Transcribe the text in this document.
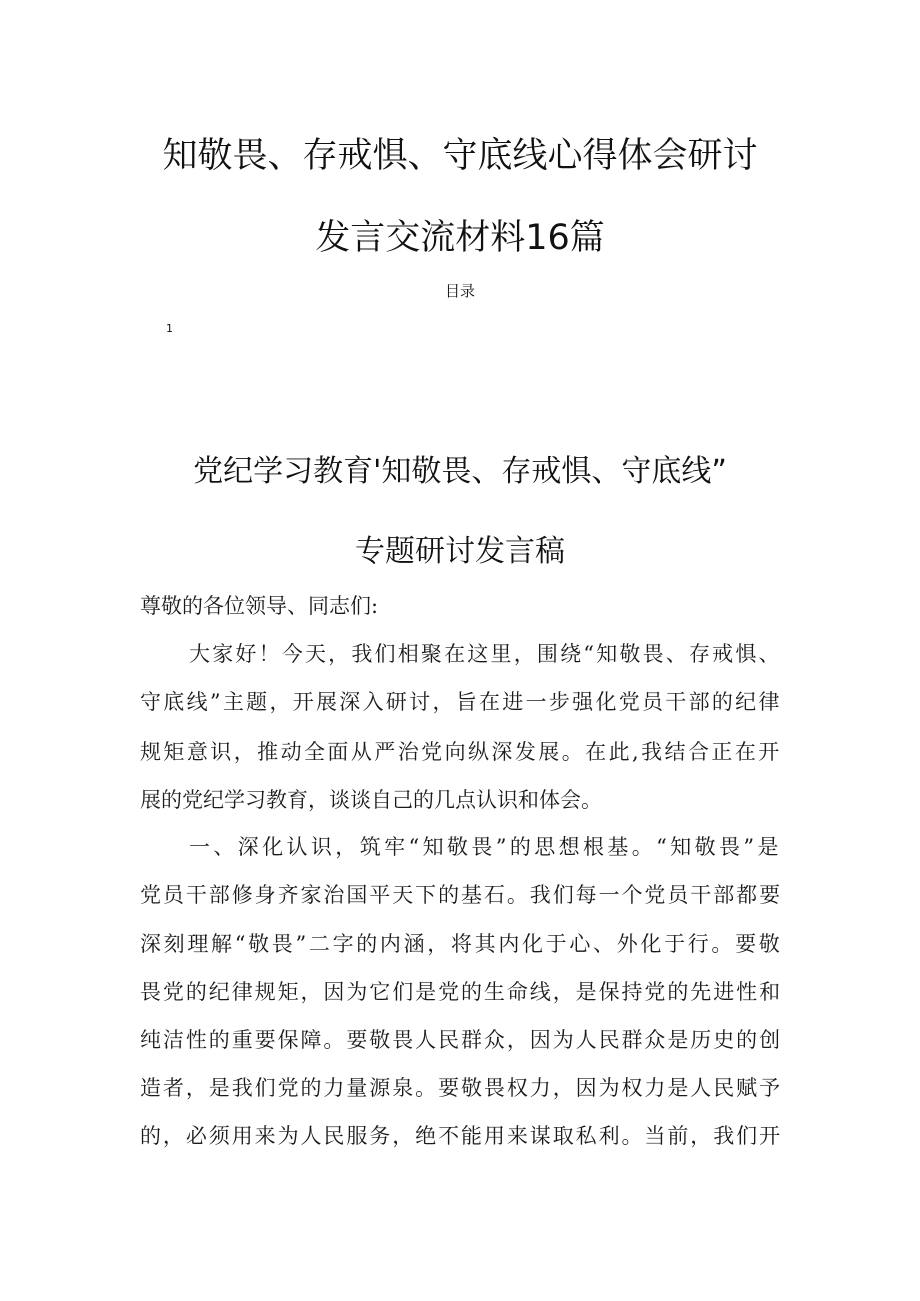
知敬畏、存戒惧、守底线心得体会研讨
发言交流材料16篇
目录
1
党纪学习教育'知敬畏、存戒惧、守底线”
专题研讨发言稿
尊敬的各位领导、同志们:
大家好！今天，我们相聚在这里，围绕“知敬畏、存戒惧、
守底线”主题，开展深入研讨，旨在进一步强化党员干部的纪律
规矩意识，推动全面从严治党向纵深发展。在此,我结合正在开
展的党纪学习教育，谈谈自己的几点认识和体会。
一、深化认识，筑牢“知敬畏”的思想根基。“知敬畏”是
党员干部修身齐家治国平天下的基石。我们每一个党员干部都要
深刻理解“敬畏”二字的内涵，将其内化于心、外化于行。要敬
畏党的纪律规矩，因为它们是党的生命线，是保持党的先进性和
纯洁性的重要保障。要敬畏人民群众，因为人民群众是历史的创
造者，是我们党的力量源泉。要敬畏权力，因为权力是人民赋予
的，必须用来为人民服务，绝不能用来谋取私利。当前，我们开
